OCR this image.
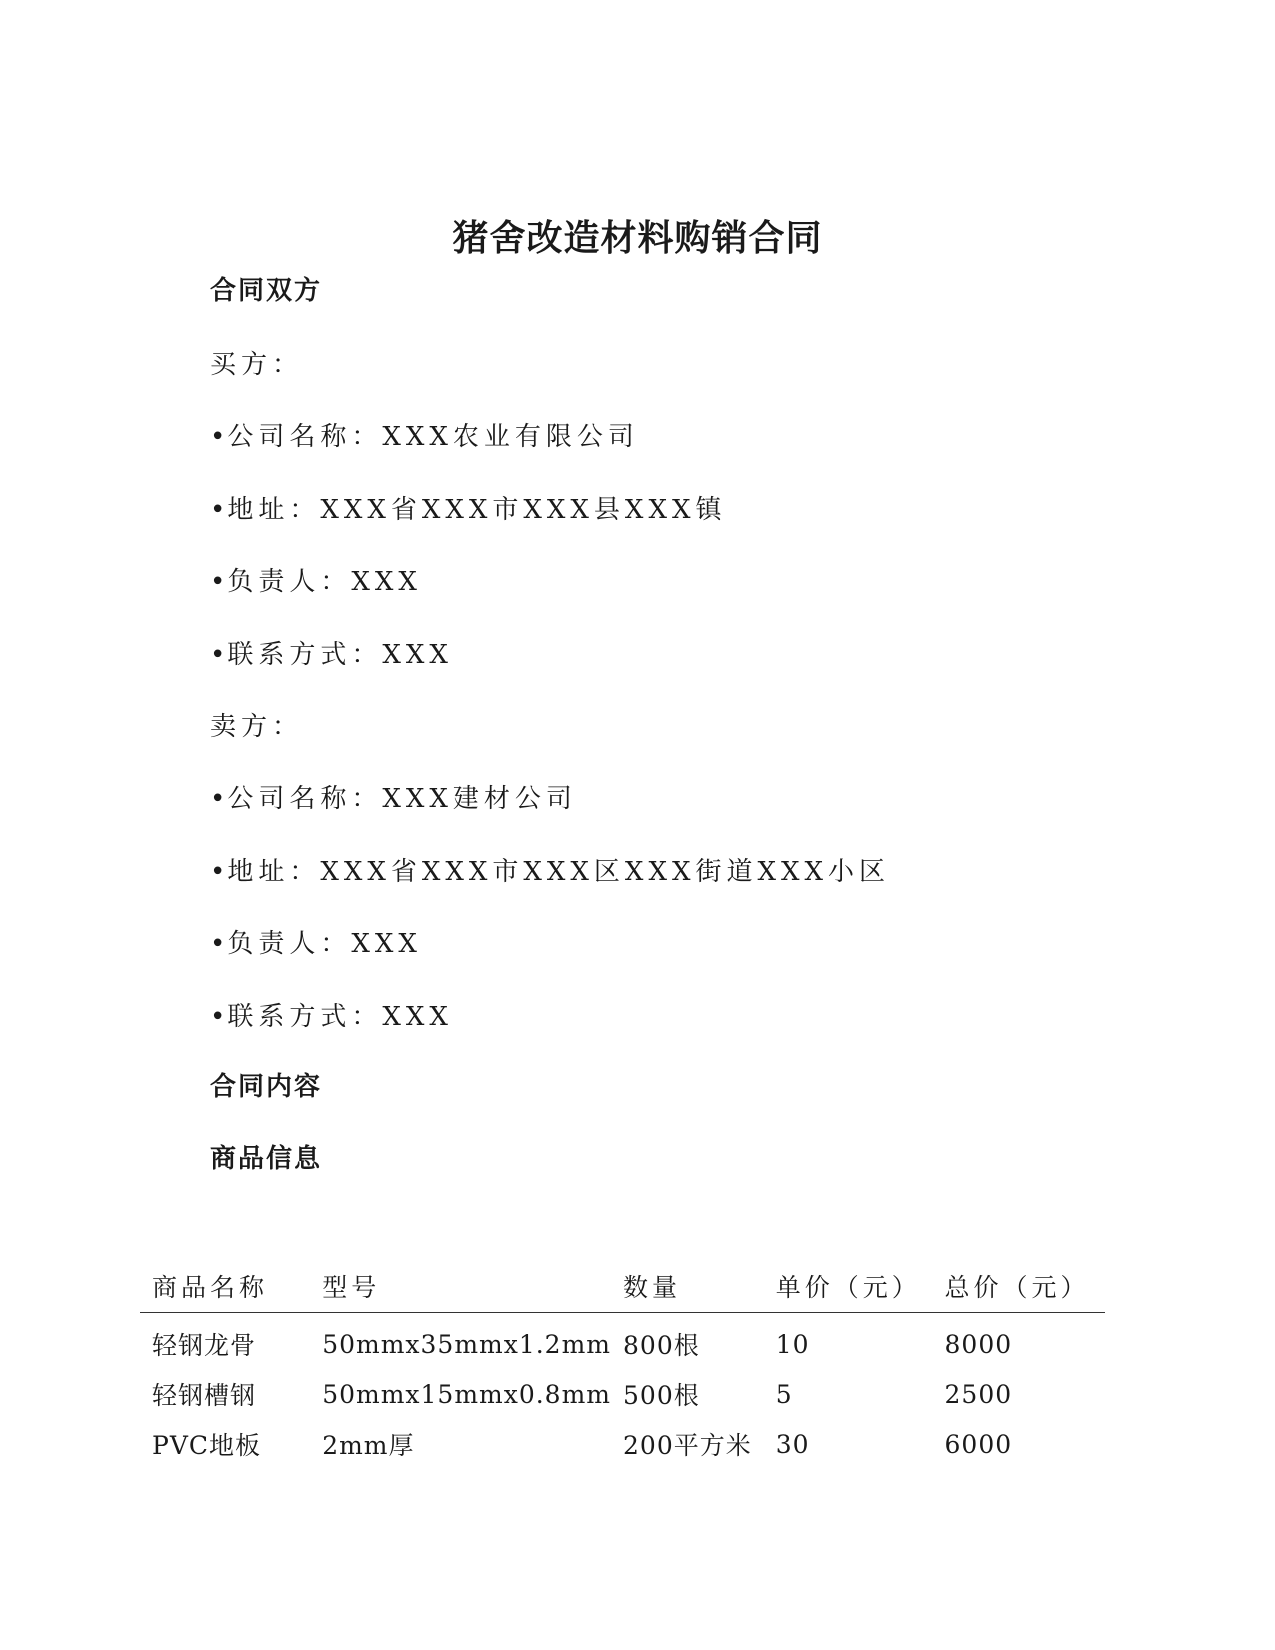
猪舍改造材料购销合同
合同双方
买方：
•公司名称：XXX农业有限公司
•地址：XXX省XXX市XXX县XXX镇
•负责人：XXX
•联系方式：XXX
卖方：
•公司名称：XXX建材公司
•地址：XXX省XXX市XXX区XXX街道XXX小区
•负责人：XXX
•联系方式：XXX
合同内容
商品信息
商品名称	型号	数量	单价（元）	总价（元）
轻钢龙骨	50mmx35mmx1.2mm	800根	10	8000
轻钢槽钢	50mmx15mmx0.8mm	500根	5	2500
PVC地板	2mm厚	200平方米	30	6000
